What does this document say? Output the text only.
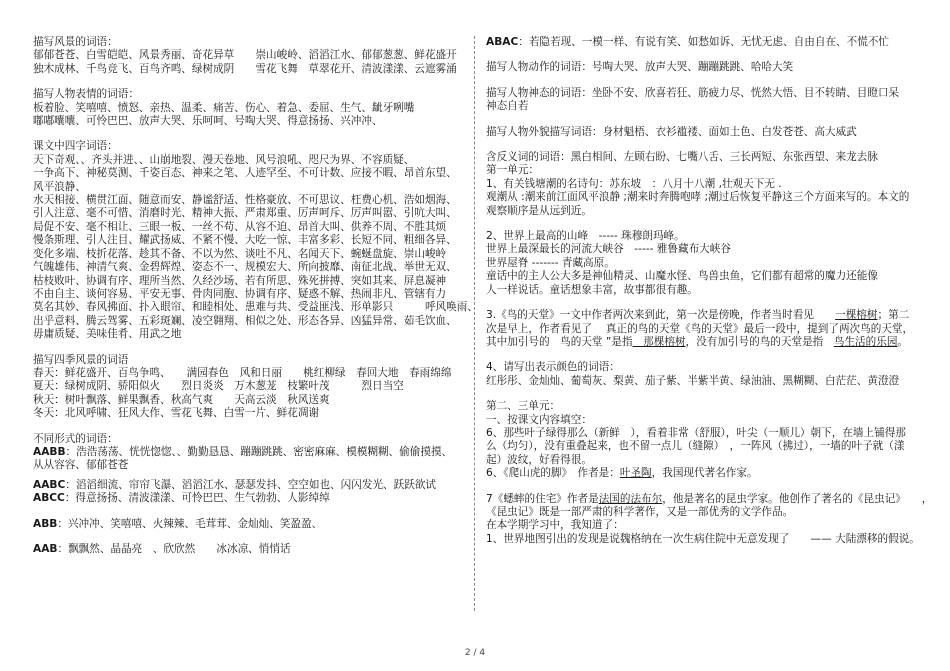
描写风景的词语：

郁郁苍苍、白雪皑皑、风景秀丽、奇花异草　　崇山峻岭、滔滔江水、郁郁葱葱、鲜花盛开

独木成林、千鸟竞飞、百鸟齐鸣、绿树成阴　　雪花飞舞　草翠花开、清波漾漾、云遮雾涌

描写人物表情的词语：

板着脸、笑嘻嘻、愤怒、亲热、温柔、痛苦、伤心、着急、委屈、生气、龇牙咧嘴

嘟嘟囔囔、可怜巴巴、放声大哭、乐呵呵、号啕大哭、得意扬扬、兴冲冲、

课文中四字词语：

天下奇观、、齐头并进、、山崩地裂、漫天卷地、风号浪吼、咫尺为界、不容质疑、

一争高下、神秘莫测、千姿百态、神来之笔、人迹罕至、不可计数、应接不暇、昂首东望、

风平浪静、

水天相接、横贯江面、随意而安、静谧舒适、性格豪放、不可思议、枉费心机、浩如烟海、

引人注意、毫不可惜、消磨时光、精神大振、严肃郑重、厉声呵斥、厉声叫嚣、引吭大叫、

局促不安、毫不相让、三眼一板、一丝不苟、从容不迫、昂首大叫、供养不周、不胜其烦

慢条斯理、引人注目、耀武扬威、不紧不慢、大吃一惊、丰富多彩、长短不同、粗细各异、

变化多端、枝折花落、趁其不备、不以为然、谈吐不凡、名闻天下、蜿蜒盘旋、崇山峻岭

气魄雄伟、神清气爽、金碧辉煌、姿态不一、规模宏大、所向披靡、南征北战、举世无双、

枯枝败叶、协调有序、理所当然、久经沙场、若有所思、殊死拼搏、突如其来、屏息凝神

不由自主、谈何容易、平安无事、骨肉同胞、协调有序、疑惑不解、热闹非凡、管辖有力

莫名其妙、春风拂面、扑入眼帘、和睦相处、患难与共、受益匪浅、形单影只　　　呼风唤雨、

出乎意料、腾云驾雾、五彩斑斓、凌空翱翔、相似之处、形态各异、凶猛异常、茹毛饮血、

毋庸质疑、美味佳肴、用武之地

描写四季风景的词语

春天：鲜花盛开、百鸟争鸣、　　满园春色　风和日丽　　桃红柳绿　春回大地　春雨绵绵

夏天：绿树成阴、骄阳似火　　烈日炎炎　万木葱茏　枝繁叶茂　　　烈日当空

秋天：树叶飘落、鲜果飘香、秋高气爽　　天高云淡　秋风送爽

冬天：北风呼啸、狂风大作、雪花飞舞、白雪一片、鲜花凋谢

不同形式的词语：

AABB：浩浩荡荡、恍恍惚惚、、勤勤恳恳、蹦蹦跳跳、密密麻麻、模模糊糊、偷偷摸摸、

从从容容、郁郁苍苍

AABC：滔滔细流、帘帘飞瀑、滔滔江水、瑟瑟发抖、空空如也、闪闪发光、跃跃欲试

ABCC：得意扬扬、清波漾漾、可怜巴巴、生气勃勃、人影绰绰

ABB：兴冲冲、笑嘻嘻、火辣辣、毛茸茸、金灿灿、笑盈盈、

AAB：飘飘然、晶晶亮　、欣欣然　　冰冰凉、悄悄话

ABAC：若隐若现、一模一样、有说有笑、如愁如诉、无忧无虑、自由自在、不慌不忙

描写人物动作的词语：号啕大哭、放声大哭、蹦蹦跳跳、哈哈大笑

描写人物神态的词语：坐卧不安、欣喜若狂、筋疲力尽、恍然大悟、目不转睛、目瞪口呆

神态自若

描写人物外貌描写词语：身材魁梧、衣衫褴褛、面如土色、白发苍苍、高大威武

含反义词的词语：黑白相间、左顾右盼、七嘴八舌、三长两短、东张西望、来龙去脉

第一单元：

1、有关钱塘潮的名诗句：苏东坡　：八月十八潮 ,壮观天下无 .

观潮从 :潮来前江面风平浪静 ;潮来时奔腾咆哮 ;潮过后恢复平静这三个方面来写的。本文的

观察顺序是从远到近。

2、世界上最高的山峰　----- 珠穆朗玛峰。

世界上最深最长的河流大峡谷　----- 雅鲁藏布大峡谷

世界屋脊 ------- 青藏高原。

童话中的主人公大多是神仙精灵、山魔水怪、鸟兽虫鱼，它们都有超常的魔力还能像

人一样说话。童话想象丰富，故事都很有趣。

3.《鸟的天堂》一文中作者两次来到此，第一次是傍晚，作者当时看见　　一棵榕树；第二

次是早上，作者看见了　 真正的鸟的天堂《鸟的天堂》最后一段中，提到了两次鸟的天堂，

其中加引号的　鸟的天堂 ”是指　那棵榕树，没有加引号的鸟的天堂是指　鸟生活的乐园。

4、请写出表示颜色的词语：

红彤彤、金灿灿、葡萄灰、梨黄、茄子紫、半紫半黄、绿油油、黑糊糊、白茫茫、黄澄澄

第二、三单元：

一、按课文内容填空：

6、那些叶子绿得那么（新鲜　），看着非常（舒服），叶尖（一顺儿）朝下，在墙上铺得那

么（均匀），没有重叠起来，也不留一点儿（缝隙）　，一阵风（拂过），一墙的叶子就（漾

起）波纹，好看得很。

6、《爬山虎的脚》　作者是：叶圣陶，我国现代著名作家。

7《蟋蟀的住宅》作者是法国的法布尔，他是著名的昆虫学家。他创作了著名的《昆虫记》　　，

《昆虫记》既是一部严肃的科学著作，又是一部优秀的文学作品。

在本学期学习中，我知道了：

1、世界地图引出的发现是说魏格纳在一次生病住院中无意发现了　　—— 大陆漂移的假说。

2 / 4
